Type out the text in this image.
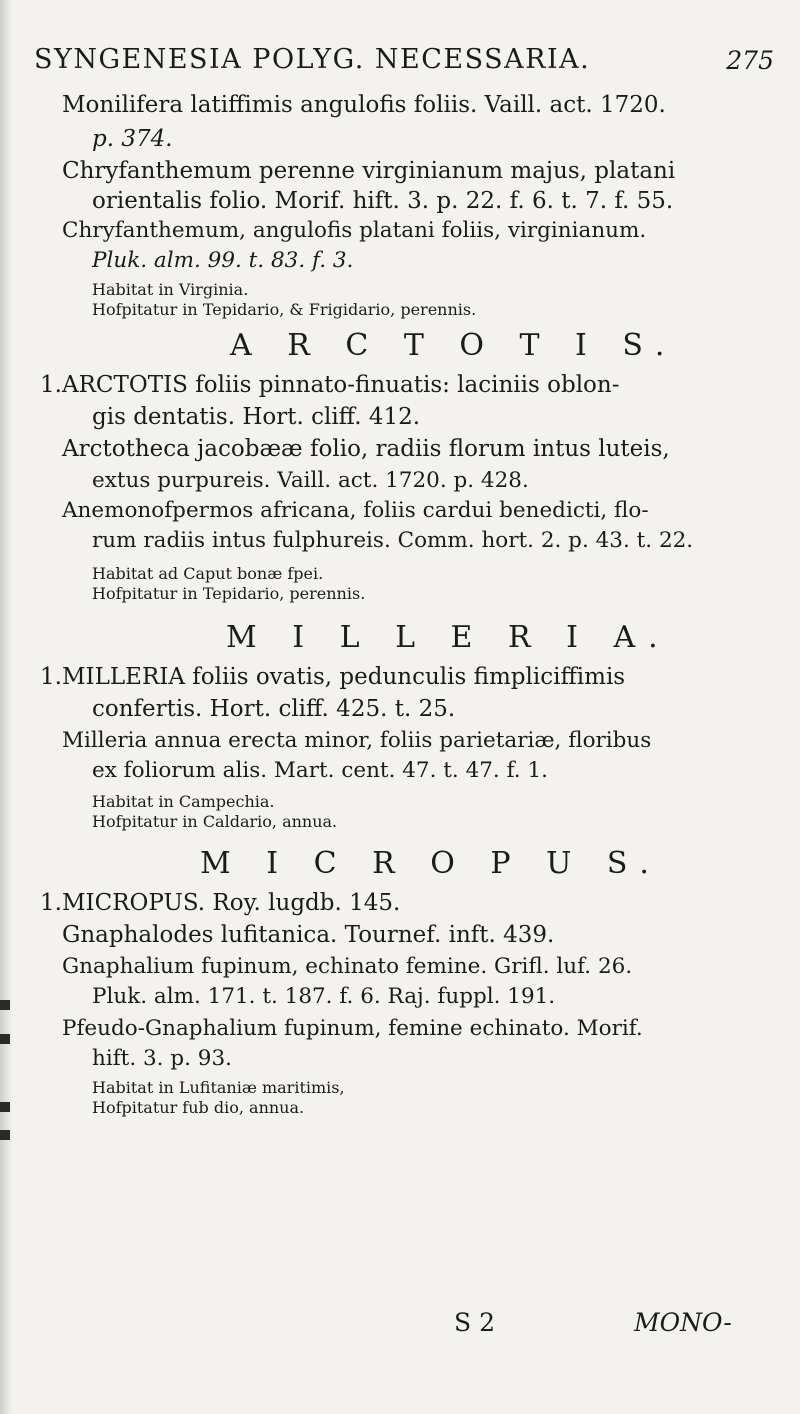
SYNGENESIA POLYG. NECESSARIA.	275
Monilifera latiffimis angulofis foliis. Vaill. act. 1720.
p. 374.
Chryfanthemum perenne virginianum majus, platani
orientalis folio. Morif. hift. 3. p. 22. f. 6. t. 7. f. 55.
Chryfanthemum, angulofis platani foliis, virginianum.
Pluk. alm. 99. t. 83. f. 3.
Habitat in Virginia.
Hofpitatur in Tepidario, & Frigidario, perennis.
A R C T O T I S.
1. ARCTOTIS foliis pinnato-finuatis: laciniis oblon-
gis dentatis. Hort. cliff. 412.
Arctotheca jacobææ folio, radiis florum intus luteis,
extus purpureis. Vaill. act. 1720. p. 428.
Anemonofpermos africana, foliis cardui benedicti, flo-
rum radiis intus fulphureis. Comm. hort. 2. p. 43. t. 22.
Habitat ad Caput bonæ fpei.
Hofpitatur in Tepidario, perennis.
M I L L E R I A.
1. MILLERIA foliis ovatis, pedunculis fimpliciffimis
confertis. Hort. cliff. 425. t. 25.
Milleria annua erecta minor, foliis parietariæ, floribus
ex foliorum alis. Mart. cent. 47. t. 47. f. 1.
Habitat in Campechia.
Hofpitatur in Caldario, annua.
M I C R O P U S.
1. MICROPUS. Roy. lugdb. 145.
Gnaphalodes lufitanica. Tournef. inft. 439.
Gnaphalium fupinum, echinato femine. Grifl. luf. 26.
Pluk. alm. 171. t. 187. f. 6. Raj. fuppl. 191.
Pfeudo-Gnaphalium fupinum, femine echinato. Morif.
hift. 3. p. 93.
Habitat in Lufitaniæ maritimis,
Hofpitatur fub dio, annua.
S 2	MONO-
